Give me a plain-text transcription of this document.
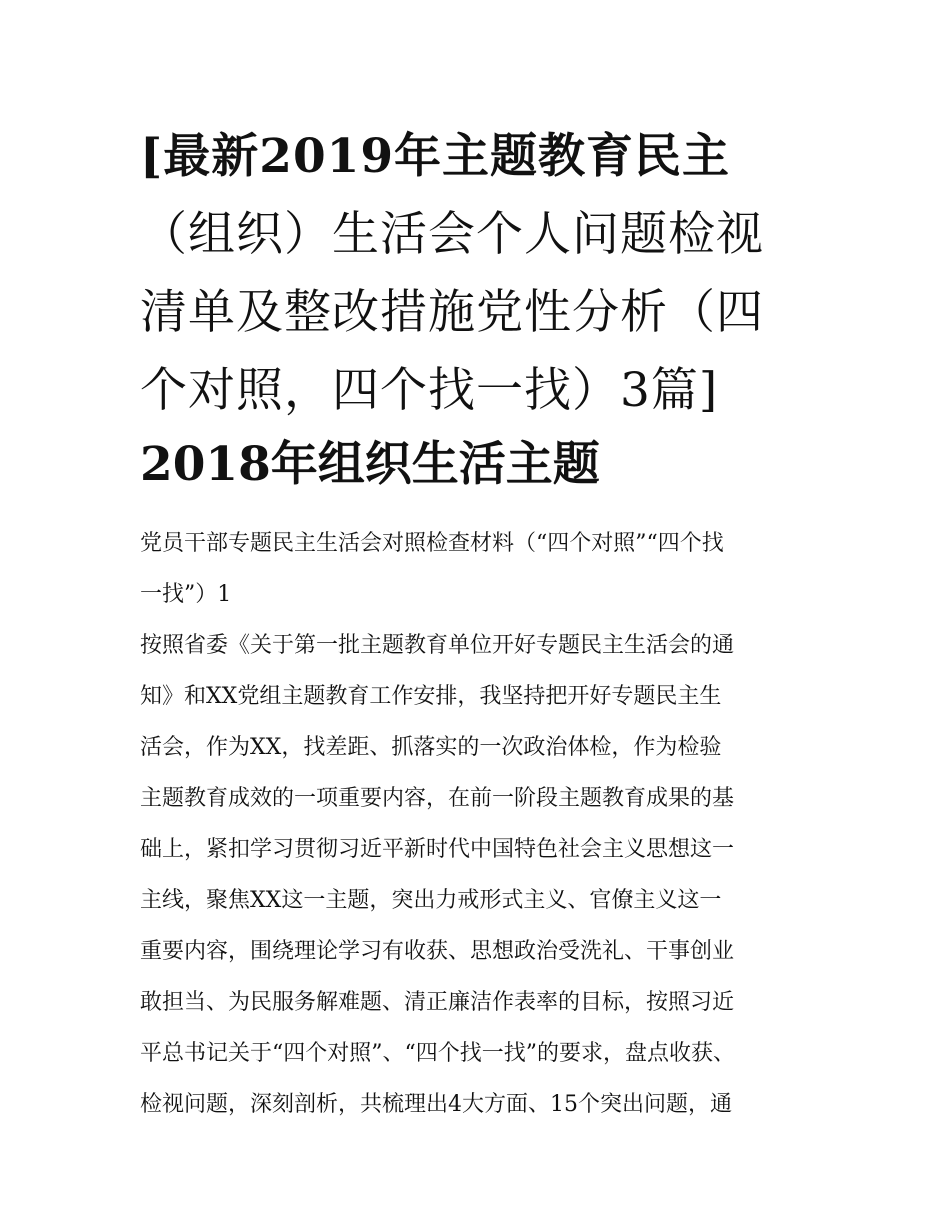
[最新2019年主题教育民主
（组织）生活会个人问题检视
清单及整改措施党性分析（四
个对照，四个找一找）3篇]
2018年组织生活主题
党员干部专题民主生活会对照检查材料（“四个对照”“四个找
一找”）1
按照省委《关于第一批主题教育单位开好专题民主生活会的通
知》和XX党组主题教育工作安排，我坚持把开好专题民主生
活会，作为XX，找差距、抓落实的一次政治体检，作为检验
主题教育成效的一项重要内容，在前一阶段主题教育成果的基
础上，紧扣学习贯彻习近平新时代中国特色社会主义思想这一
主线，聚焦XX这一主题，突出力戒形式主义、官僚主义这一
重要内容，围绕理论学习有收获、思想政治受洗礼、干事创业
敢担当、为民服务解难题、清正廉洁作表率的目标，按照习近
平总书记关于“四个对照”、“四个找一找”的要求，盘点收获、
检视问题，深刻剖析，共梳理出4大方面、15个突出问题，通
